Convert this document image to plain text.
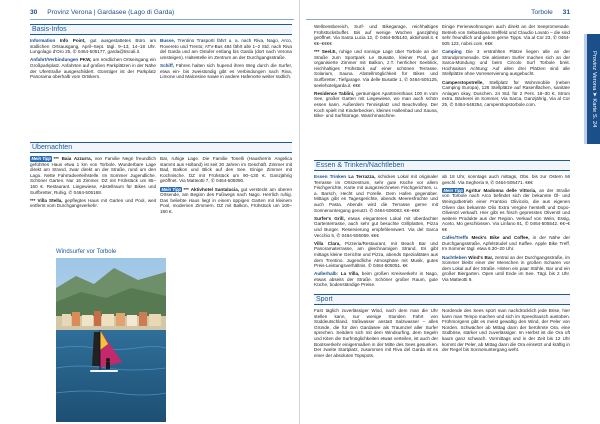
30 Provinz Verona | Gardasee (Lago di Garda)
Basis-Infos

Information Info Point, gut ausgestattetes Büro am südlichen Ortsausgang, April–Sept. tägl. 9–13, 14–18 Uhr. Lungolago d'Oro 25, ✆ 0464-505177, garda@tiscali.it.

Anfahrt/Verbindungen PKW, am nördlichen Ortseingang ein Großparkplatz. Anfahrten auf großen Parkplätzen in der Nähe der Uferstraße ausgeschildert. Günstiger ist der Parkplatz Panorama oberhalb vom Ortskern.

Busse, Trentino Trasporti fährt u. a. nach Riva, Nago, Arco, Rovereto und Trento; ATV-Bus 484 fährt alle 1–2 Std. nach Riva del Garda und am Ostufer entlang bis Garda (dort nach Verona umsteigen). Haltestelle im Zentrum an der Durchgangsstraße.

Schiff, Fähren halten sich hupend ihren Weg durch die Surfer, etwa ein- bis zweistündig gibt es Verbindungen nach Riva, Limone und Malcesine sowie in andere Hafenorte weiter südlich.

Übernachten

Mein Tipp *** Baia Azzurra, von Familie Negri freundlich geführtes Haus etwa 1 km von Torbole. Wunderbare Lage direkt am Strand, zwar direkt an der Straße, rund um den Lago. Nette Fahrradverleihstelle. Im Sommer Jugendliche. Schöner Garten. Nur 16 Zimmer. DZ mit Frühstück um 85–160 €. Restaurant. Liegewiese, Abstellraum für Bikes und Surfbretter, Ruhig. ✆ 0464-505168.

*** Villa Stella, gepflegtes Haus mit Garten und Pool, weit entfernt vom Durchgangsverkehr.

Bar, ruhige Lage. Die Familie Tonelli (Hausherrin Angelica stammt aus Holland) ist seit 30 Jahren im Geschäft. Zimmer mit Bad, Balkon und Blick auf den See. Einige Zimmer mit Kochnische. DZ mit Frühstück um 90–130 €. Ganzjährig geöffnet. Via Matteotti 7, ✆ 0464-505090.

Mein Tipp *** Aktivhotel Santalucia, gut versteckt am oberen Ortsende, am Beginn des Fußwegs nach Nago. Herrlich ruhig. Das beliebte Haus liegt in einem üppigen Garten mit kleinem Pool, modernen Zimmern. DZ mit Balkon, Frühstück um 100–180 €.

Windsurfer vor Torbole
Torbole 31
Provinz Verona ➤ Karte S. 24

Wellnessbereich, Surf- und Bikegarage, reichhaltiges Frühstücksbuffet. Bis auf wenige Wochen ganzjährig geöffnet. Via Santa Lucia 12, ✆ 0464-505140, aktivhotel.it. €€€–€€€€

*** Seel.E, ruhige und sonnige Lage über Torbole an der Straße zum Sportpark Le Busatte, kleiner Pool, gut organisierte Zimmer mit Balkon, z.T. herrlicher Seeblick, reichhaltiges Frühstück auf einer schönen Terrasse. Solarium, Sauna. Abstellmöglichkeit für Bikes und Surfbretter, Tiefgarage. Via delle Busatte 1, ✆ 0464-505125, seelehotelgarda.it. €€€

Residence Tablini, geräumiges Apartmenthaus 100 m vom See, großer Garten mit Liegewiese, wo man auch schön essen kann. Außerdem Tennisplatz und Beachvolley. Der Koch spielt mit Kinderbecken, kleines Hallenbad und Sauna, Bike- und Surfstorage. Waschmaschine.

Einige Ferienwohnungen auch direkt an der Seepromenade. Betrieb von Sebastiana Stellfeld und Claudio Lovato – die sind sehr freundlich und geben gerne Tipps. Via al Cor 23, ✆ 0464-505 123, nobni.com. €€€

Camping Die 3 erstrahlten Plätze liegen alle an der Strandpromenade. Die aktivsten Surfer machen sich an der Sarca-Mündung und beim Circolo Surf Torbole breit. Hochsaison Achtung: Auf allen drei Plätzen sind alle Stellplätze ohne Vorreservierung ausgebucht.

Camperstopstrelle, Stellplatz für Wohnmobile (neben Camping Europa), 126 Stellplätze auf Rasenflächen, sanitäre Anlagen okay, Duschen. 24 Std. für 2 Pers. 18–30 €, Strom extra. Bäckerei im Sommer, Via Sarca, Ganzjährig, Via al Cor 25, ✆ 0464-548254, camperstopstorbole.com.

Essen & Trinken/Nachtleben

Essen Trinken La Terrazza, schickes Lokal mit originaler Terrasse im Ortszentrum, sehr gute Küche vor allem Fischgerichte, Karte mit ausgezeichneten Fischgerichten, u. a. Barsch, Hecht und Forelle. Dem Hafen gegenüber. Mittags gibt es Tagesgerichte, abends Meeresfrüchte und auch Pasta. Abends wird die Terrasse gerne mit Sonnenuntergang genutzt. ✆ 0464-506083. €€–€€€

Surfer's Grill, etwas eleganteres Lokal mit überdachter Gartenterrasse, auch sehr gut besuchte Grillplatten, Pizza und Burger. Reservierung empfehlenswert. Via del Sarca Vecchio 5, ✆ 0464-506069. €€€

Villa Clara, Pizzeria/Restaurant, mit Beach Bar und Panoramaterrasse, am gleichnamigen Strand. Es gibt mittags kleine Gerichte und Pizza, abends Spezialitäten aus dem Trentino. Jugendliche Atmosphäre mit Musik, gutes Preis-Leistungsverhältnis. ✆ 0464-505051. €€

Außerhalb: La Villa, beim großen Kreisverkehr in Nago, etwas abseits der Straße. Schöner großer Raum, gute Küche, bodenständige Preise.

ab 18 Uhr, sonntags auch mittags, Obs. bis zur Ostern Mi geschl. Via Segheria 9, ✆ 0464-505471. €€€

Mein Tipp Agritur Madonna delle Vittoria, an der Straße von Torbole nach Arco befindet sich der bekannte Öl- und Weingutbetrieb einer Frantoio Olivicolo, die aus eigenen Oliven das bekannte Olio Extra Vergine herstellt und Dopo-Olivenöl verkauft. Hier gibt es frisch gepresstes Olivenöl und weitere Produkte aus der Region. Verkauf von Wein, Essig, Aceto. Mo geschlossen. Via Linfano 81, ✆ 0464-505542. €€–€€€

Cafés/Treffs Meck's Bike and Coffee, in der Nähe der Durchgangsstraße, Apfelstrudel und Kaffee. Apple Bike Treff. Im Sommer tägl. etwa 6.30–20 Uhr.

Nachtleben Wind's Bar, zentral an der Durchgangsstraße, im Sommer bleibt einer der Menschen in großen Scharen vor dem Lokal auf der Straße. Hinten ein paar Stühle, Bar und ein großer Biergarten. Open until Ende im See. Tägl. bis 2 Uhr. Via Matteotti 9.

Sport

Fast täglich zuverlässiger Wind, nach dem man die Uhr stellen kann, nur wenige Stunden Fahrt von Süddeutschland. Süßwasser anstatt Salzwasser – alles Gründe, die für den Gardasee als Traumziel aller Surfer sprechen. Seitdem sich mit dem Windsurfing, dem Segeln und Kiten die Surfmöglichkeiten etwas verteilen, ist auch der Bootsverkehr einigermaßen in der Mitte des Sees gesunken. Der zweite Startplatz, zusammen mit Riva del Garda ist es einer der absoluten Topspots.

Nordende des Sees spürt man nachdrücklich jede Brise, hier kann man Tempo machen und sich im Speedrausch austoben. Frühmorgens gibt es meist gewaltig den Wind, der Peler von Norden. Schwächer ab Mittag dann der berühmte Ora, eine Südbrise, stärker und zuverlässiger. Im Herbst ist die Ora oft kaum ganz schwach. Vormittags und in der Zeit bis 12 Uhr kommt der Peler, ab Mittag dann die Ora einsetzt und kräftig in der Regel bis Sonnenuntergang weht.
